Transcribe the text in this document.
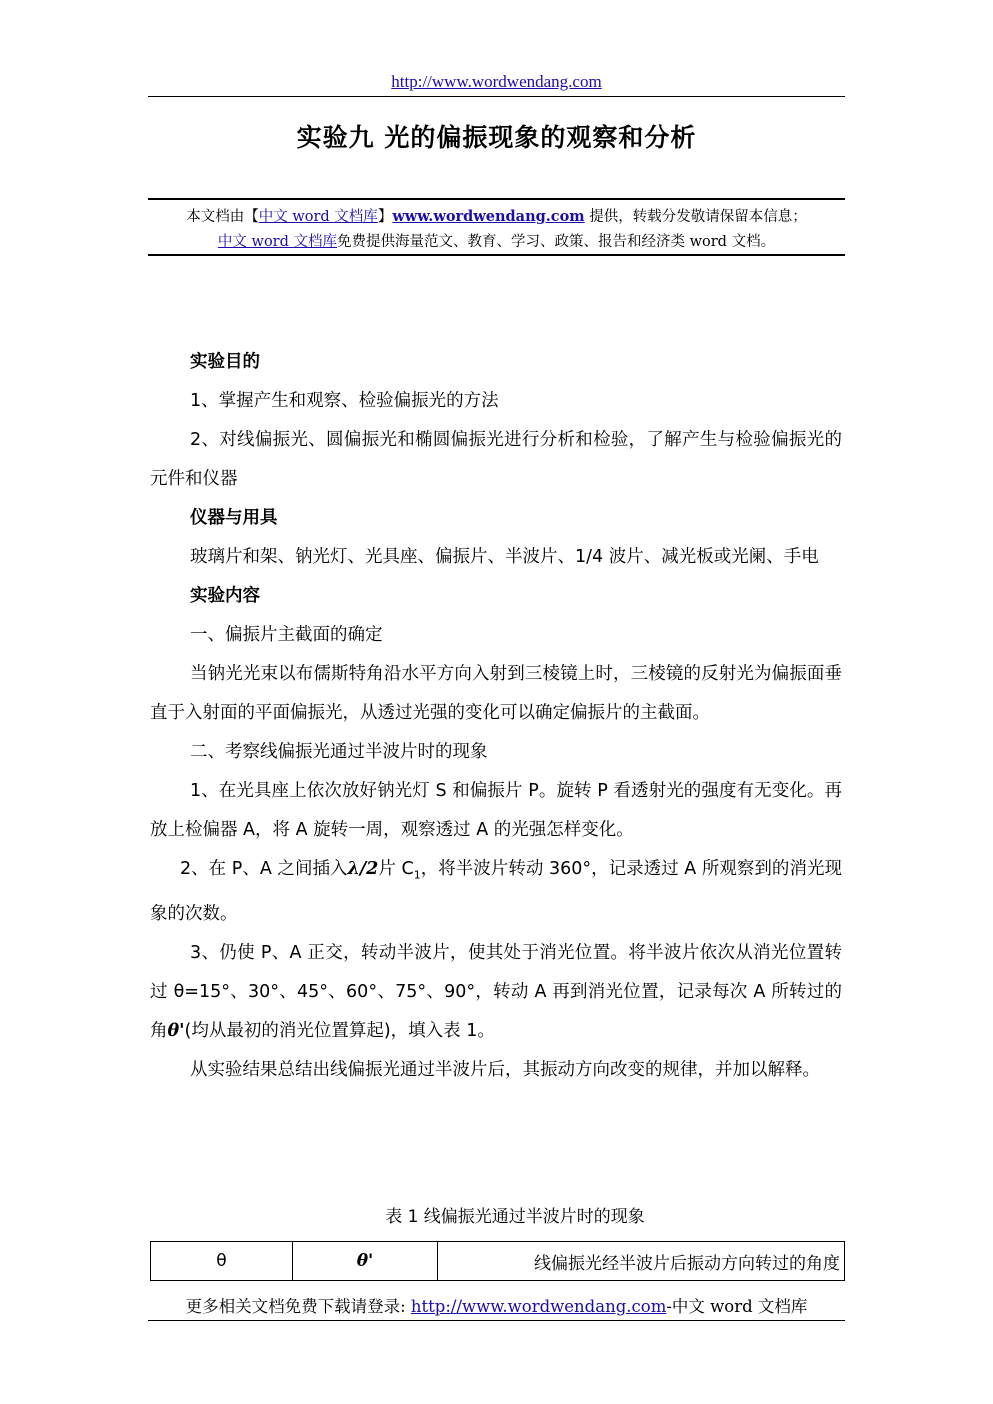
http://www.wordwendang.com
实验九 光的偏振现象的观察和分析
本文档由【中文 word 文档库】www.wordwendang.com 提供，转载分发敬请保留本信息；
中文 word 文档库免费提供海量范文、教育、学习、政策、报告和经济类 word 文档。

实验目的

1、掌握产生和观察、检验偏振光的方法

2、对线偏振光、圆偏振光和椭圆偏振光进行分析和检验，了解产生与检验偏振光的元件和仪器

仪器与用具

玻璃片和架、钠光灯、光具座、偏振片、半波片、1/4 波片、减光板或光阑、手电

实验内容

一、偏振片主截面的确定

当钠光光束以布儒斯特角沿水平方向入射到三棱镜上时，三棱镜的反射光为偏振面垂直于入射面的平面偏振光，从透过光强的变化可以确定偏振片的主截面。

二、考察线偏振光通过半波片时的现象

1、在光具座上依次放好钠光灯 S 和偏振片 P。旋转 P 看透射光的强度有无变化。再放上检偏器 A，将 A 旋转一周，观察透过 A 的光强怎样变化。

2、在 P、A 之间插入λ/2片 $C_1$，将半波片转动 360°，记录透过 A 所观察到的消光现象的次数。

3、仍使 P、A 正交，转动半波片，使其处于消光位置。将半波片依次从消光位置转过 θ=15°、30°、45°、60°、75°、90°，转动 A 再到消光位置，记录每次 A 所转过的角θ'(均从最初的消光位置算起)，填入表 1。

从实验结果总结出线偏振光通过半波片后，其振动方向改变的规律，并加以解释。

表 1 线偏振光通过半波片时的现象
θ	θ'	线偏振光经半波片后振动方向转过的角度
更多相关文档免费下载请登录: http://www.wordwendang.com-中文 word 文档库
